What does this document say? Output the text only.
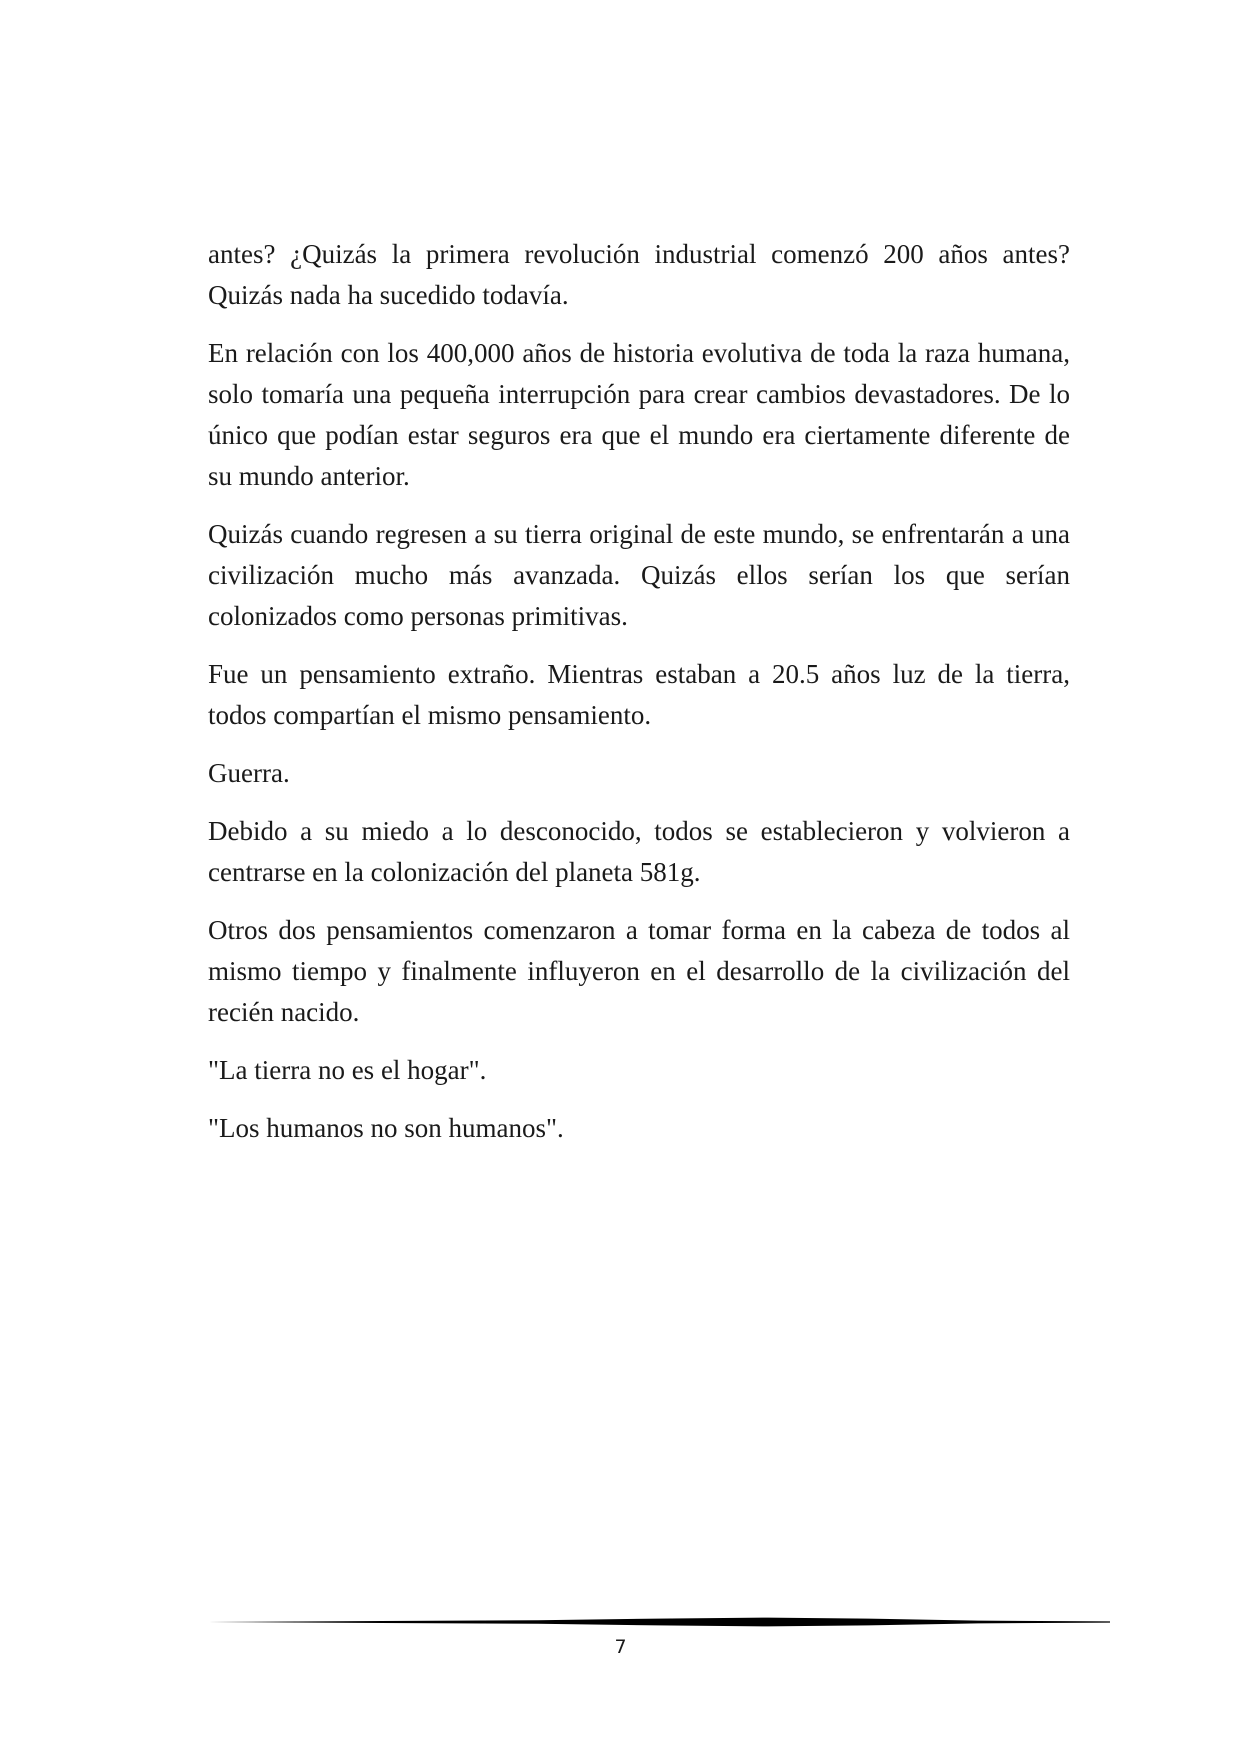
antes? ¿Quizás la primera revolución industrial comenzó 200 años antes? Quizás nada ha sucedido todavía.

En relación con los 400,000 años de historia evolutiva de toda la raza humana, solo tomaría una pequeña interrupción para crear cambios devastadores. De lo único que podían estar seguros era que el mundo era ciertamente diferente de su mundo anterior.

Quizás cuando regresen a su tierra original de este mundo, se enfrentarán a una civilización mucho más avanzada. Quizás ellos serían los que serían colonizados como personas primitivas.

Fue un pensamiento extraño. Mientras estaban a 20.5 años luz de la tierra, todos compartían el mismo pensamiento.

Guerra.

Debido a su miedo a lo desconocido, todos se establecieron y volvieron a centrarse en la colonización del planeta 581g.

Otros dos pensamientos comenzaron a tomar forma en la cabeza de todos al mismo tiempo y finalmente influyeron en el desarrollo de la civilización del recién nacido.

"La tierra no es el hogar".

"Los humanos no son humanos".

7
